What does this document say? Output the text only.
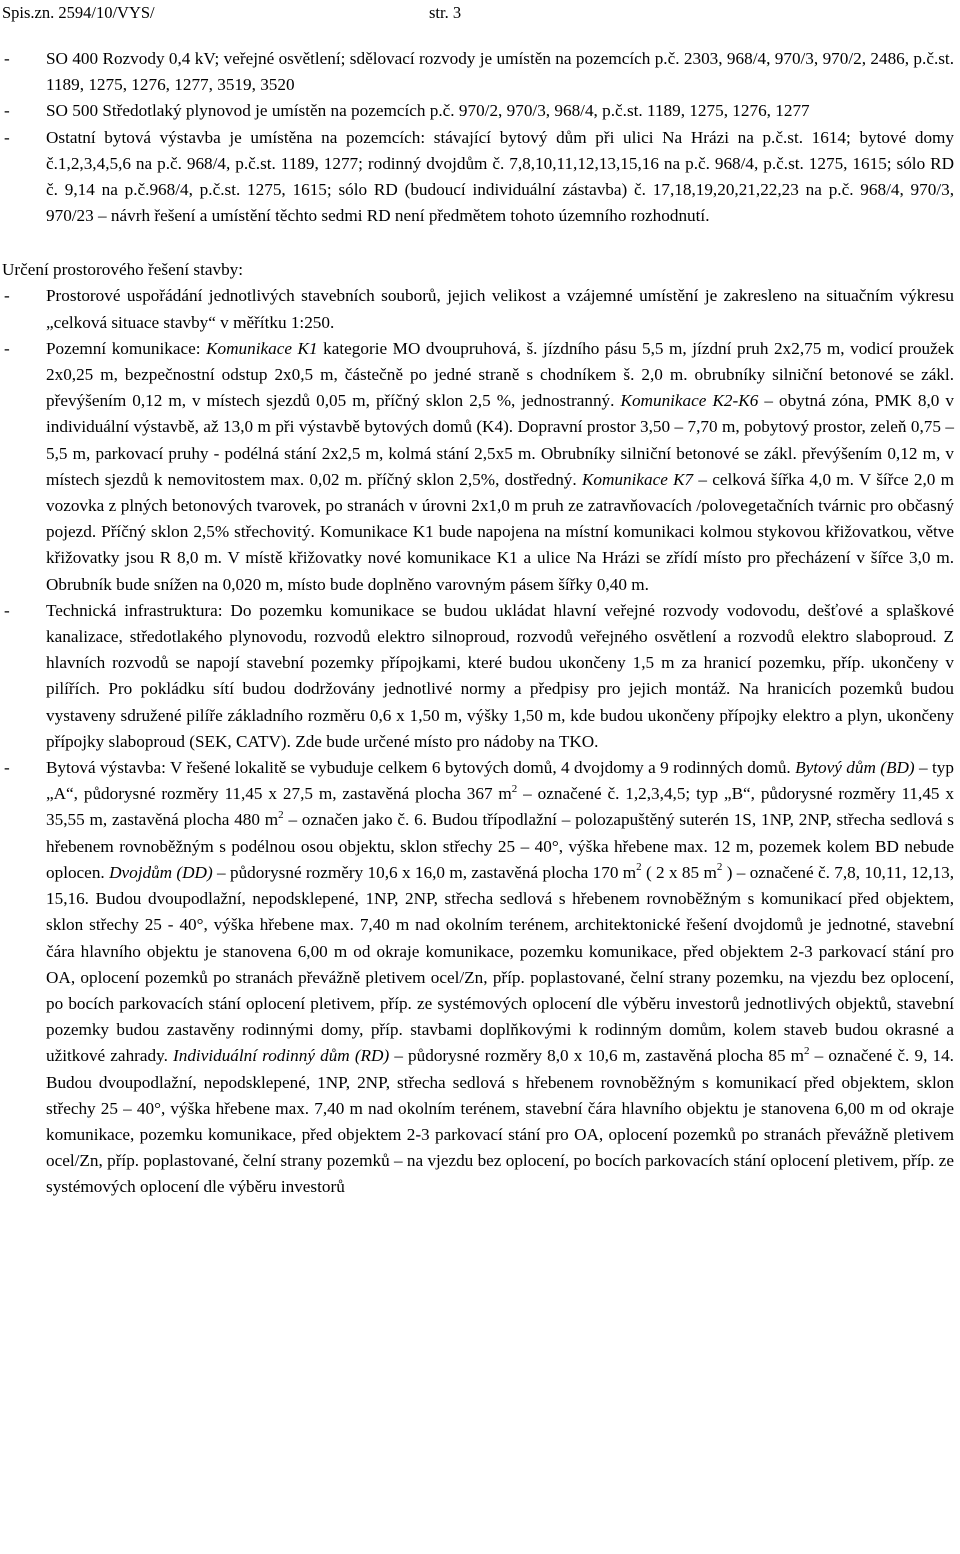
Spis.zn. 2594/10/VYS/	str. 3

- SO 400 Rozvody 0,4 kV; veřejné osvětlení; sdělovací rozvody je umístěn na pozemcích p.č. 2303, 968/4, 970/3, 970/2, 2486, p.č.st. 1189, 1275, 1276, 1277, 3519, 3520

- SO 500 Středotlaký plynovod je umístěn na pozemcích p.č. 970/2, 970/3, 968/4, p.č.st. 1189, 1275, 1276, 1277

- Ostatní bytová výstavba je umístěna na pozemcích: stávající bytový dům při ulici Na Hrázi na p.č.st. 1614; bytové domy č.1,2,3,4,5,6 na p.č. 968/4, p.č.st. 1189, 1277; rodinný dvojdům č. 7,8,10,11,12,13,15,16 na p.č. 968/4, p.č.st. 1275, 1615; sólo RD č. 9,14 na p.č.968/4, p.č.st. 1275, 1615; sólo RD (budoucí individuální zástavba) č. 17,18,19,20,21,22,23 na p.č. 968/4, 970/3, 970/23 – návrh řešení a umístění těchto sedmi RD není předmětem tohoto územního rozhodnutí.

Určení prostorového řešení stavby:

- Prostorové uspořádání jednotlivých stavebních souborů, jejich velikost a vzájemné umístění je zakresleno na situačním výkresu „celková situace stavby“ v měřítku 1:250.

- Pozemní komunikace: Komunikace K1 kategorie MO dvoupruhová, š. jízdního pásu 5,5 m, jízdní pruh 2x2,75 m, vodicí proužek 2x0,25 m, bezpečnostní odstup 2x0,5 m, částečně po jedné straně s chodníkem š. 2,0 m. obrubníky silniční betonové se zákl. převýšením 0,12 m, v místech sjezdů 0,05 m, příčný sklon 2,5 %, jednostranný. Komunikace K2-K6 – obytná zóna, PMK 8,0 v individuální výstavbě, až 13,0 m při výstavbě bytových domů (K4). Dopravní prostor 3,50 – 7,70 m, pobytový prostor, zeleň 0,75 – 5,5 m, parkovací pruhy - podélná stání 2x2,5 m, kolmá stání 2,5x5 m. Obrubníky silniční betonové se zákl. převýšením 0,12 m, v místech sjezdů k nemovitostem max. 0,02 m. příčný sklon 2,5%, dostředný. Komunikace K7 – celková šířka 4,0 m. V šířce 2,0 m vozovka z plných betonových tvarovek, po stranách v úrovni 2x1,0 m pruh ze zatravňovacích /polovegetačních tvárnic pro občasný pojezd. Příčný sklon 2,5% střechovitý. Komunikace K1 bude napojena na místní komunikaci kolmou stykovou křižovatkou, větve křižovatky jsou R 8,0 m. V místě křižovatky nové komunikace K1 a ulice Na Hrázi se zřídí místo pro přecházení v šířce 3,0 m. Obrubník bude snížen na 0,020 m, místo bude doplněno varovným pásem šířky 0,40 m.

- Technická infrastruktura: Do pozemku komunikace se budou ukládat hlavní veřejné rozvody vodovodu, dešťové a splaškové kanalizace, středotlakého plynovodu, rozvodů elektro silnoproud, rozvodů veřejného osvětlení a rozvodů elektro slaboproud. Z hlavních rozvodů se napojí stavební pozemky přípojkami, které budou ukončeny 1,5 m za hranicí pozemku, příp. ukončeny v pilířích. Pro pokládku sítí budou dodržovány jednotlivé normy a předpisy pro jejich montáž. Na hranicích pozemků budou vystaveny sdružené pilíře základního rozměru 0,6 x 1,50 m, výšky 1,50 m, kde budou ukončeny přípojky elektro a plyn, ukončeny přípojky slaboproud (SEK, CATV). Zde bude určené místo pro nádoby na TKO.

- Bytová výstavba: V řešené lokalitě se vybuduje celkem 6 bytových domů, 4 dvojdomy a 9 rodinných domů. Bytový dům (BD) – typ „A“, půdorysné rozměry 11,45 x 27,5 m, zastavěná plocha 367 $m^2$ – označené č. 1,2,3,4,5; typ „B“, půdorysné rozměry 11,45 x 35,55 m, zastavěná plocha 480 $m^2$ – označen jako č. 6. Budou třípodlažní – polozapuštěný suterén 1S, 1NP, 2NP, střecha sedlová s hřebenem rovnoběžným s podélnou osou objektu, sklon střechy 25 – 40°, výška hřebene max. 12 m, pozemek kolem BD nebude oplocen. Dvojdům (DD) – půdorysné rozměry 10,6 x 16,0 m, zastavěná plocha 170 $m^2$ ( 2 x 85 $m^2$ ) – označené č. 7,8, 10,11, 12,13, 15,16. Budou dvoupodlažní, nepodsklepené, 1NP, 2NP, střecha sedlová s hřebenem rovnoběžným s komunikací před objektem, sklon střechy 25 - 40°, výška hřebene max. 7,40 m nad okolním terénem, architektonické řešení dvojdomů je jednotné, stavební čára hlavního objektu je stanovena 6,00 m od okraje komunikace, pozemku komunikace, před objektem 2-3 parkovací stání pro OA, oplocení pozemků po stranách převážně pletivem ocel/Zn, příp. poplastované, čelní strany pozemku, na vjezdu bez oplocení, po bocích parkovacích stání oplocení pletivem, příp. ze systémových oplocení dle výběru investorů jednotlivých objektů, stavební pozemky budou zastavěny rodinnými domy, příp. stavbami doplňkovými k rodinným domům, kolem staveb budou okrasné a užitkové zahrady. Individuální rodinný dům (RD) – půdorysné rozměry 8,0 x 10,6 m, zastavěná plocha 85 $m^2$ – označené č. 9, 14. Budou dvoupodlažní, nepodsklepené, 1NP, 2NP, střecha sedlová s hřebenem rovnoběžným s komunikací před objektem, sklon střechy 25 – 40°, výška hřebene max. 7,40 m nad okolním terénem, stavební čára hlavního objektu je stanovena 6,00 m od okraje komunikace, pozemku komunikace, před objektem 2-3 parkovací stání pro OA, oplocení pozemků po stranách převážně pletivem ocel/Zn, příp. poplastované, čelní strany pozemků – na vjezdu bez oplocení, po bocích parkovacích stání oplocení pletivem, příp. ze systémových oplocení dle výběru investorů
